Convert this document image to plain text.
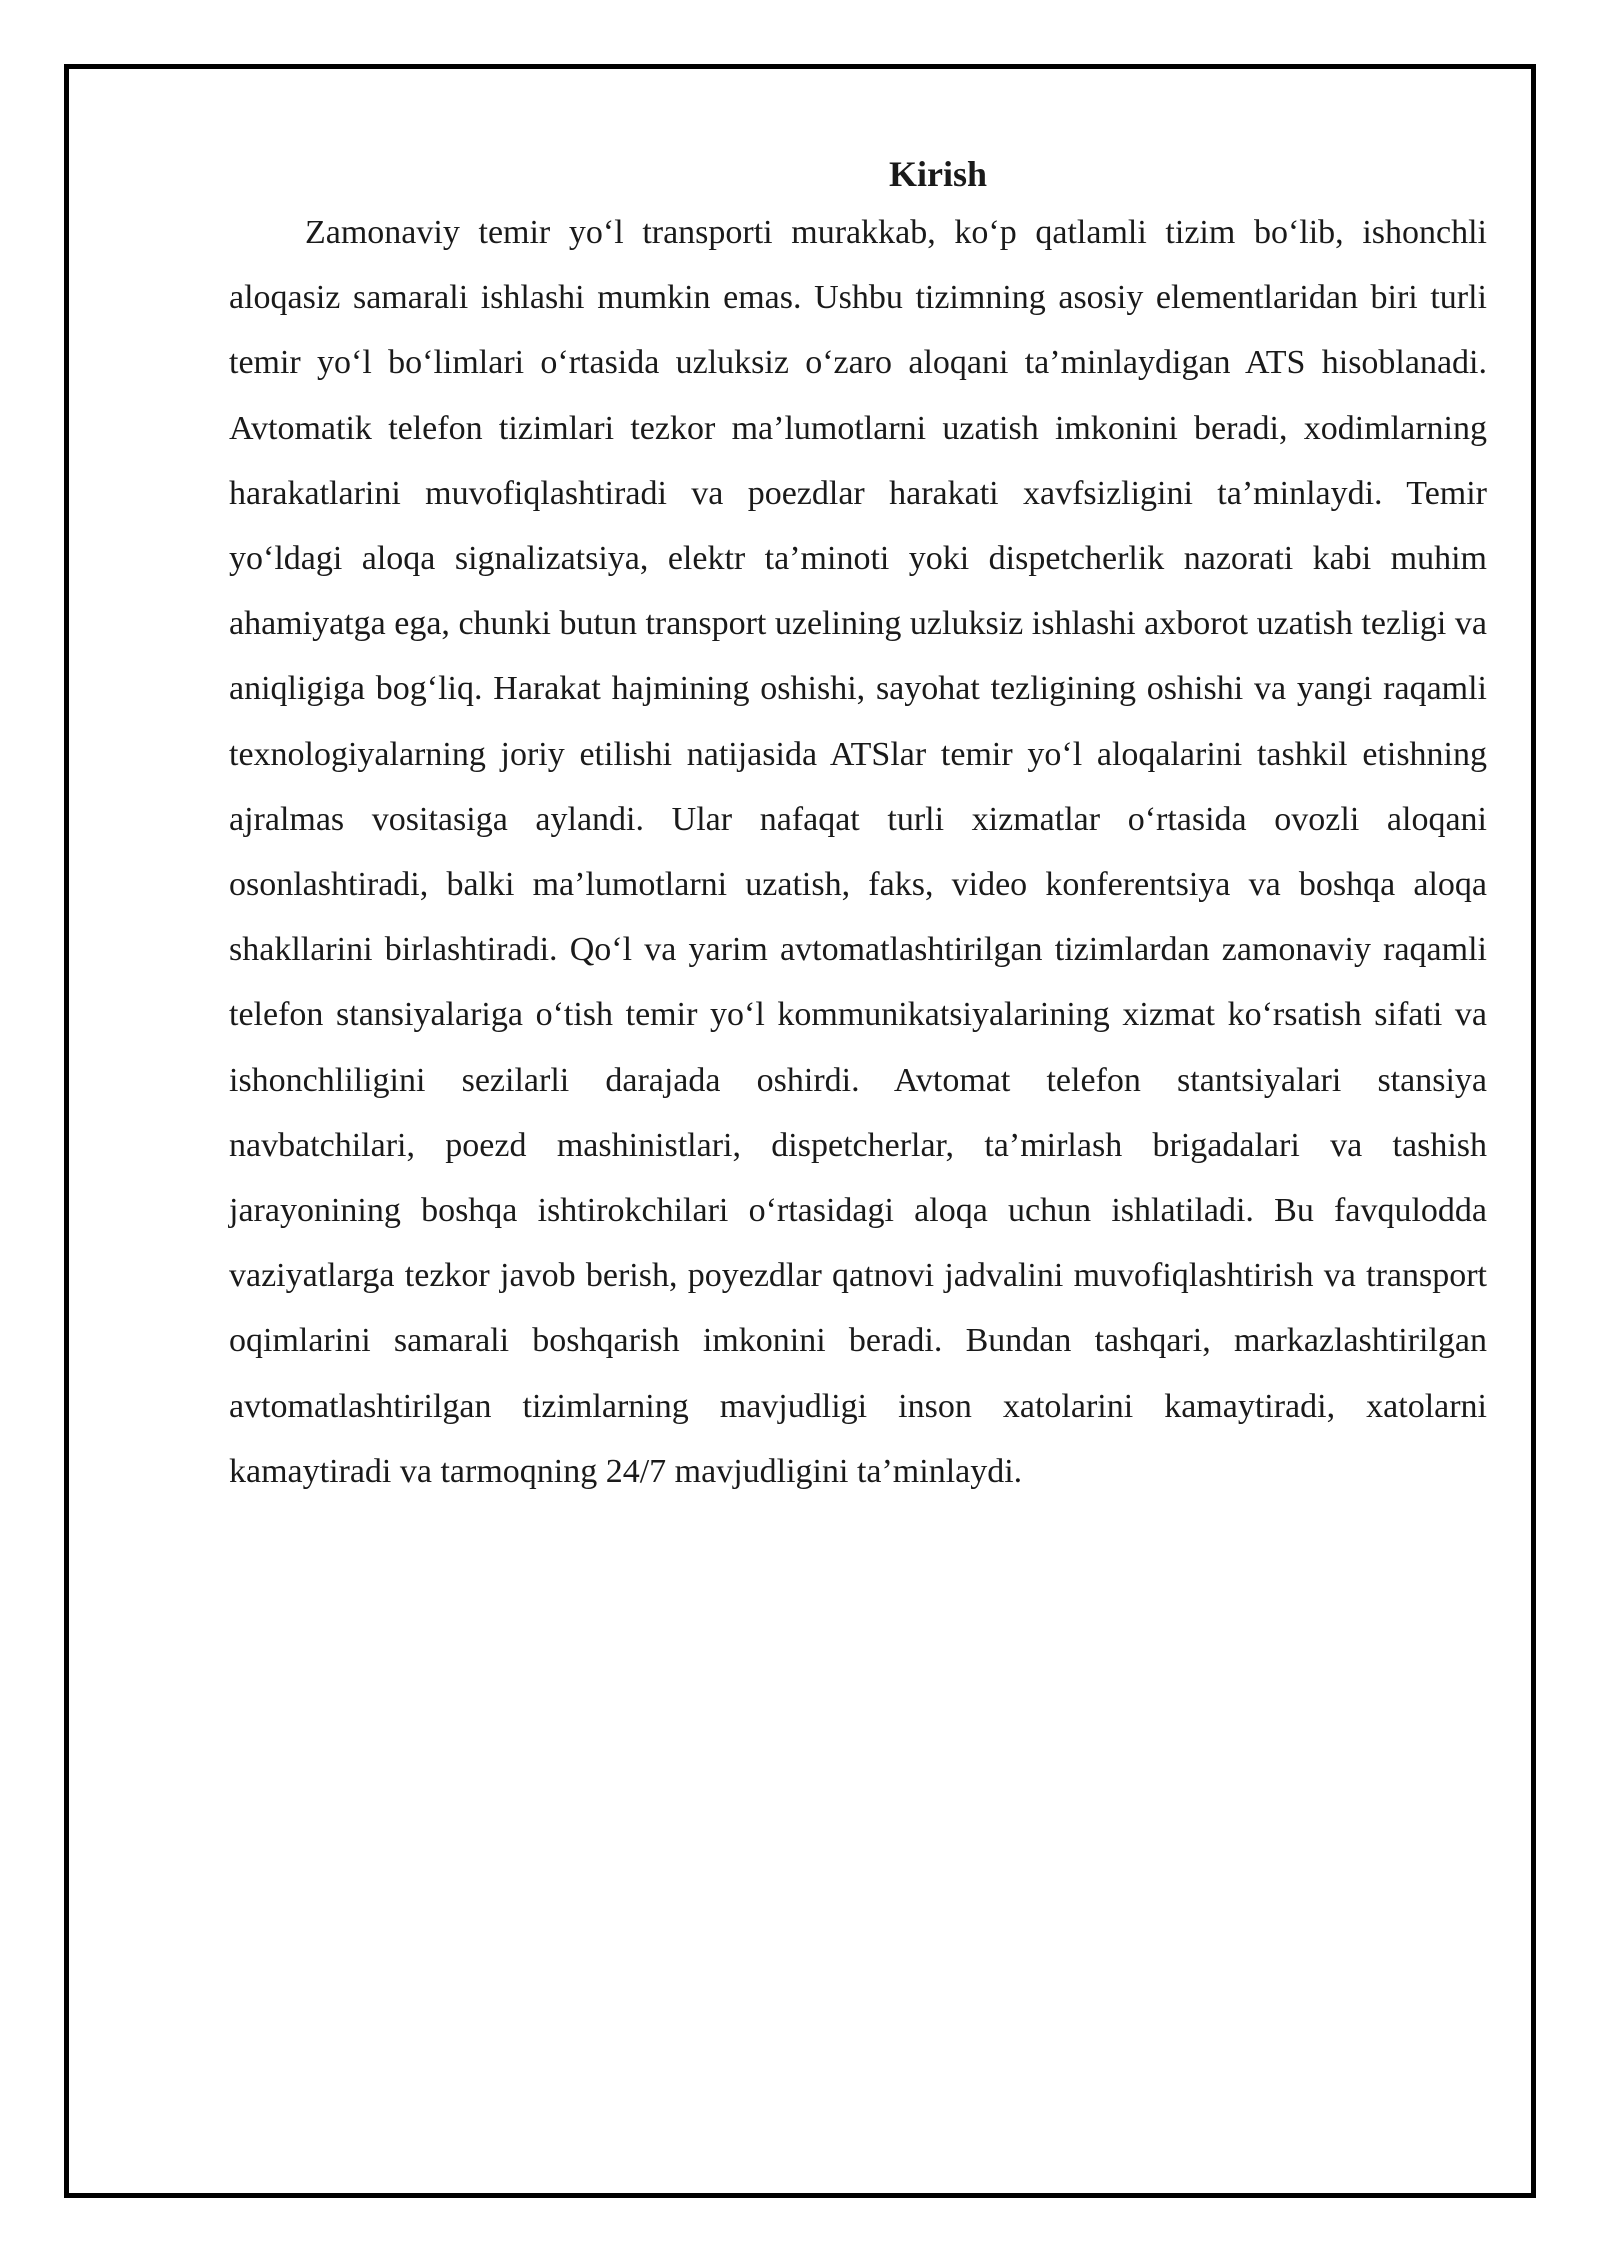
Kirish

Zamonaviy temir yo‘l transporti murakkab, ko‘p qatlamli tizim bo‘lib, ishonchli aloqasiz samarali ishlashi mumkin emas. Ushbu tizimning asosiy elementlaridan biri turli temir yo‘l bo‘limlari o‘rtasida uzluksiz o‘zaro aloqani ta’minlaydigan ATS hisoblanadi. Avtomatik telefon tizimlari tezkor ma’lumotlarni uzatish imkonini beradi, xodimlarning harakatlarini muvofiqlashtiradi va poezdlar harakati xavfsizligini ta’minlaydi. Temir yo‘ldagi aloqa signalizatsiya, elektr ta’minoti yoki dispetcherlik nazorati kabi muhim ahamiyatga ega, chunki butun transport uzelining uzluksiz ishlashi axborot uzatish tezligi va aniqligiga bog‘liq. Harakat hajmining oshishi, sayohat tezligining oshishi va yangi raqamli texnologiyalarning joriy etilishi natijasida ATSlar temir yo‘l aloqalarini tashkil etishning ajralmas vositasiga aylandi. Ular nafaqat turli xizmatlar o‘rtasida ovozli aloqani osonlashtiradi, balki ma’lumotlarni uzatish, faks, video konferentsiya va boshqa aloqa shakllarini birlashtiradi. Qo‘l va yarim avtomatlashtirilgan tizimlardan zamonaviy raqamli telefon stansiyalariga o‘tish temir yo‘l kommunikatsiyalarining xizmat ko‘rsatish sifati va ishonchliligini sezilarli darajada oshirdi. Avtomat telefon stantsiyalari stansiya navbatchilari, poezd mashinistlari, dispetcherlar, ta’mirlash brigadalari va tashish jarayonining boshqa ishtirokchilari o‘rtasidagi aloqa uchun ishlatiladi. Bu favqulodda vaziyatlarga tezkor javob berish, poyezdlar qatnovi jadvalini muvofiqlashtirish va transport oqimlarini samarali boshqarish imkonini beradi. Bundan tashqari, markazlashtirilgan avtomatlashtirilgan tizimlarning mavjudligi inson xatolarini kamaytiradi, xatolarni kamaytiradi va tarmoqning 24/7 mavjudligini ta’minlaydi.
